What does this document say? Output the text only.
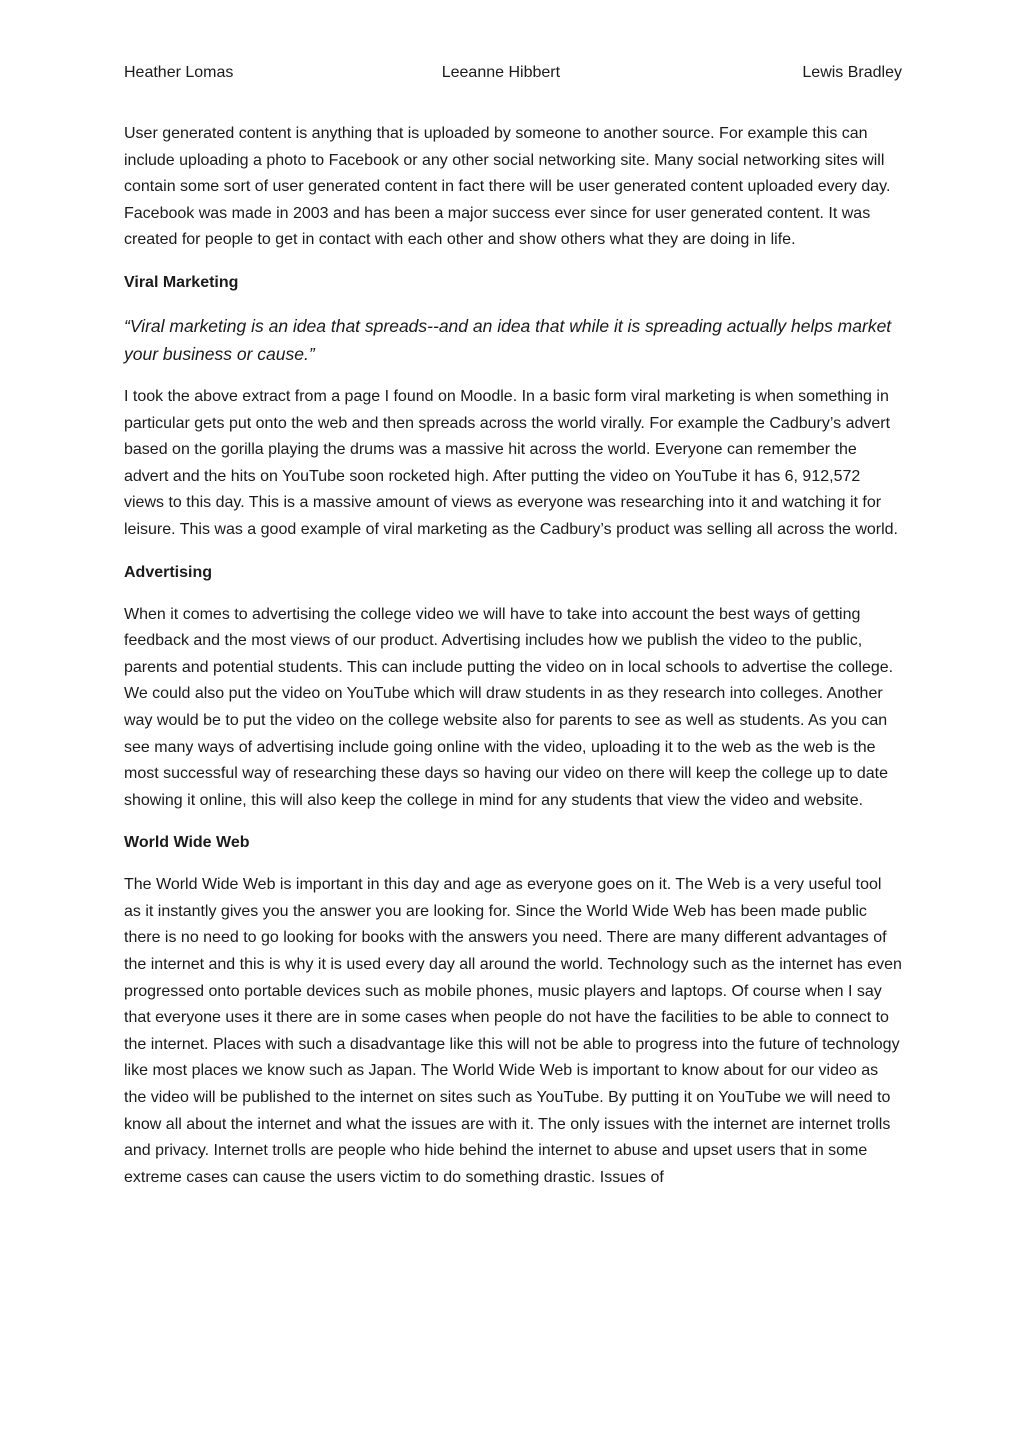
Heather Lomas	Leeanne Hibbert	Lewis Bradley

User generated content is anything that is uploaded by someone to another source. For example this can include uploading a photo to Facebook or any other social networking site. Many social networking sites will contain some sort of user generated content in fact there will be user generated content uploaded every day. Facebook was made in 2003 and has been a major success ever since for user generated content. It was created for people to get in contact with each other and show others what they are doing in life.

Viral Marketing

“Viral marketing is an idea that spreads--and an idea that while it is spreading actually helps market your business or cause.”

I took the above extract from a page I found on Moodle. In a basic form viral marketing is when something in particular gets put onto the web and then spreads across the world virally. For example the Cadbury’s advert based on the gorilla playing the drums was a massive hit across the world. Everyone can remember the advert and the hits on YouTube soon rocketed high. After putting the video on YouTube it has 6, 912,572 views to this day. This is a massive amount of views as everyone was researching into it and watching it for leisure. This was a good example of viral marketing as the Cadbury’s product was selling all across the world.

Advertising

When it comes to advertising the college video we will have to take into account the best ways of getting feedback and the most views of our product. Advertising includes how we publish the video to the public, parents and potential students. This can include putting the video on in local schools to advertise the college. We could also put the video on YouTube which will draw students in as they research into colleges. Another way would be to put the video on the college website also for parents to see as well as students. As you can see many ways of advertising include going online with the video, uploading it to the web as the web is the most successful way of researching these days so having our video on there will keep the college up to date showing it online, this will also keep the college in mind for any students that view the video and website.

World Wide Web

The World Wide Web is important in this day and age as everyone goes on it. The Web is a very useful tool as it instantly gives you the answer you are looking for. Since the World Wide Web has been made public there is no need to go looking for books with the answers you need. There are many different advantages of the internet and this is why it is used every day all around the world. Technology such as the internet has even progressed onto portable devices such as mobile phones, music players and laptops. Of course when I say that everyone uses it there are in some cases when people do not have the facilities to be able to connect to the internet. Places with such a disadvantage like this will not be able to progress into the future of technology like most places we know such as Japan. The World Wide Web is important to know about for our video as the video will be published to the internet on sites such as YouTube. By putting it on YouTube we will need to know all about the internet and what the issues are with it. The only issues with the internet are internet trolls and privacy. Internet trolls are people who hide behind the internet to abuse and upset users that in some extreme cases can cause the users victim to do something drastic. Issues of
